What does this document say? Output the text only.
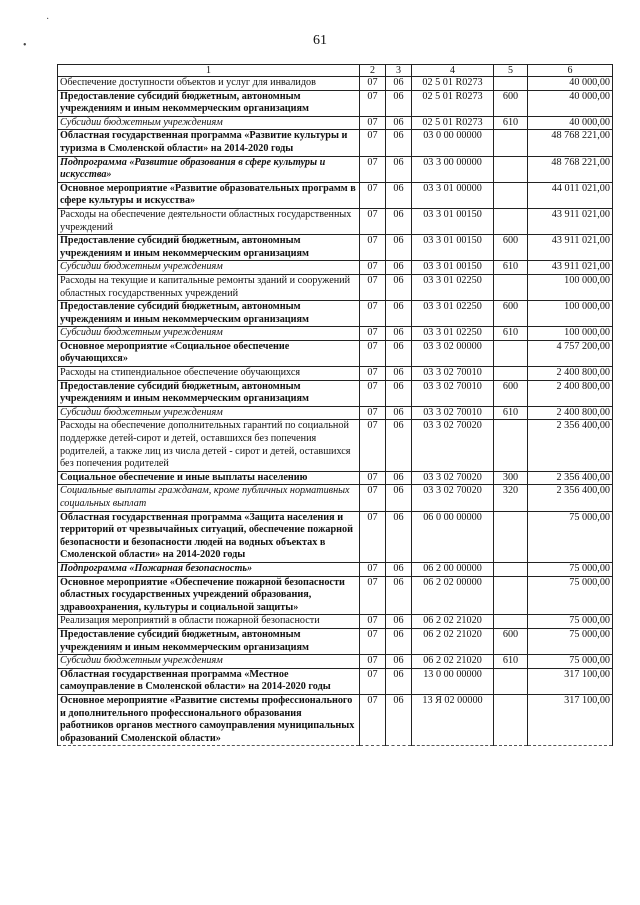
61
·
•
1	2	3	4	5	6
Обеспечение доступности объектов и услуг для инвалидов	07	06	02 5 01 R0273		40 000,00
Предоставление субсидий бюджетным, автономным учреждениям и иным некоммерческим организациям	07	06	02 5 01 R0273	600	40 000,00
Субсидии бюджетным учреждениям	07	06	02 5 01 R0273	610	40 000,00
Областная государственная программа «Развитие культуры и туризма в Смоленской области» на 2014-2020 годы	07	06	03 0 00 00000		48 768 221,00
Подпрограмма «Развитие образования в сфере культуры и искусства»	07	06	03 3 00 00000		48 768 221,00
Основное мероприятие «Развитие образовательных программ в сфере культуры и искусства»	07	06	03 3 01 00000		44 011 021,00
Расходы на обеспечение деятельности областных государственных учреждений	07	06	03 3 01 00150		43 911 021,00
Предоставление субсидий бюджетным, автономным учреждениям и иным некоммерческим организациям	07	06	03 3 01 00150	600	43 911 021,00
Субсидии бюджетным учреждениям	07	06	03 3 01 00150	610	43 911 021,00
Расходы на текущие и капитальные ремонты зданий и сооружений областных государственных учреждений	07	06	03 3 01 02250		100 000,00
Предоставление субсидий бюджетным, автономным учреждениям и иным некоммерческим организациям	07	06	03 3 01 02250	600	100 000,00
Субсидии бюджетным учреждениям	07	06	03 3 01 02250	610	100 000,00
Основное мероприятие «Социальное обеспечение обучающихся»	07	06	03 3 02 00000		4 757 200,00
Расходы на стипендиальное обеспечение обучающихся	07	06	03 3 02 70010		2 400 800,00
Предоставление субсидий бюджетным, автономным учреждениям и иным некоммерческим организациям	07	06	03 3 02 70010	600	2 400 800,00
Субсидии бюджетным учреждениям	07	06	03 3 02 70010	610	2 400 800,00
Расходы на обеспечение дополнительных гарантий по социальной поддержке детей-сирот и детей, оставшихся без попечения родителей, а также лиц из числа детей - сирот и детей, оставшихся без попечения родителей	07	06	03 3 02 70020		2 356 400,00
Социальное обеспечение и иные выплаты населению	07	06	03 3 02 70020	300	2 356 400,00
Социальные выплаты гражданам, кроме публичных нормативных социальных выплат	07	06	03 3 02 70020	320	2 356 400,00
Областная государственная программа «Защита населения и территорий от чрезвычайных ситуаций, обеспечение пожарной безопасности и безопасности людей на водных объектах в Смоленской области» на 2014-2020 годы	07	06	06 0 00 00000		75 000,00
Подпрограмма «Пожарная безопасность»	07	06	06 2 00 00000		75 000,00
Основное мероприятие «Обеспечение пожарной безопасности областных государственных учреждений образования, здравоохранения, культуры и социальной защиты»	07	06	06 2 02 00000		75 000,00
Реализация мероприятий в области пожарной безопасности	07	06	06 2 02 21020		75 000,00
Предоставление субсидий бюджетным, автономным учреждениям и иным некоммерческим организациям	07	06	06 2 02 21020	600	75 000,00
Субсидии бюджетным учреждениям	07	06	06 2 02 21020	610	75 000,00
Областная государственная программа «Местное самоуправление в Смоленской области» на 2014-2020 годы	07	06	13 0 00 00000		317 100,00
Основное мероприятие «Развитие системы профессионального и дополнительного профессионального образования работников органов местного самоуправления муниципальных образований Смоленской области»	07	06	13 Я 02 00000		317 100,00
